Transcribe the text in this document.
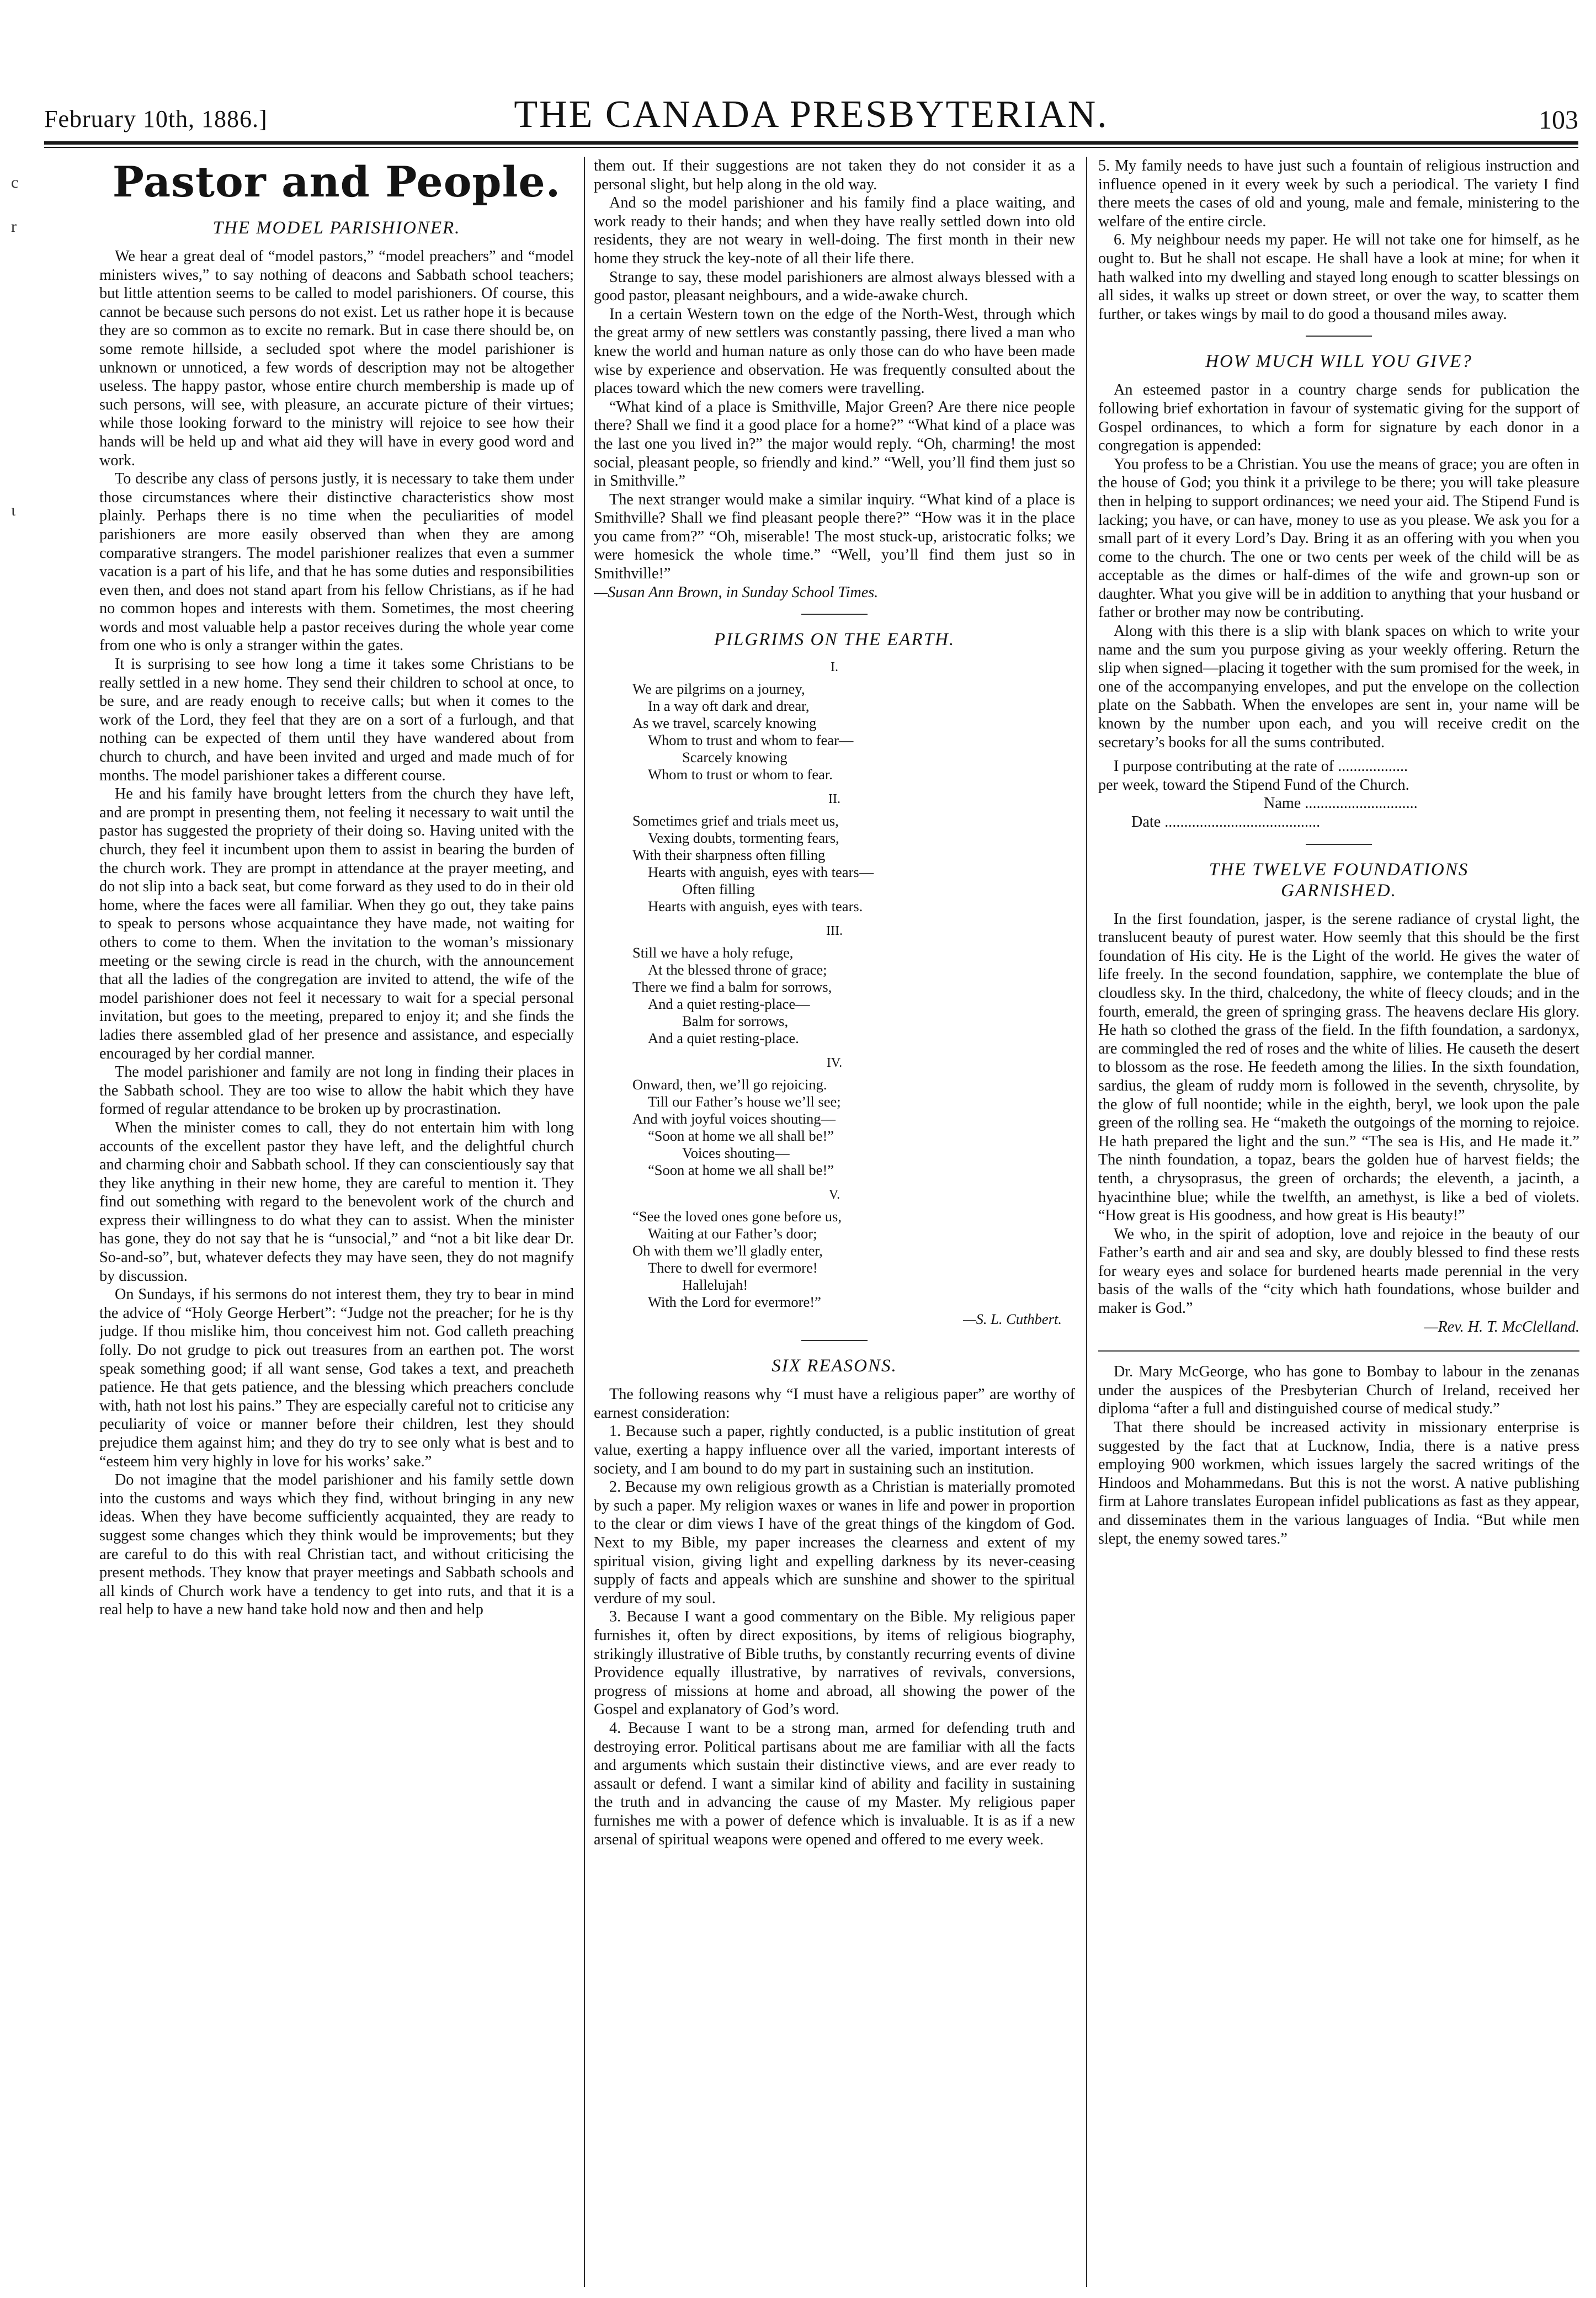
February 10th, 1886.]	THE CANADA PRESBYTERIAN.	103
c
r
ɩ
Pastor and People.
THE MODEL PARISHIONER.

We hear a great deal of “model pastors,” “model preachers” and “model ministers wives,” to say nothing of deacons and Sabbath school teachers; but little attention seems to be called to model parishioners. Of course, this cannot be because such persons do not exist. Let us rather hope it is because they are so common as to excite no remark. But in case there should be, on some remote hillside, a secluded spot where the model parishioner is unknown or unnoticed, a few words of description may not be altogether useless. The happy pastor, whose entire church membership is made up of such persons, will see, with pleasure, an accurate picture of their virtues; while those looking forward to the ministry will rejoice to see how their hands will be held up and what aid they will have in every good word and work.

To describe any class of persons justly, it is necessary to take them under those circumstances where their distinctive characteristics show most plainly. Perhaps there is no time when the peculiarities of model parishioners are more easily observed than when they are among comparative strangers. The model parishioner realizes that even a summer vacation is a part of his life, and that he has some duties and responsibilities even then, and does not stand apart from his fellow Christians, as if he had no common hopes and interests with them. Sometimes, the most cheering words and most valuable help a pastor receives during the whole year come from one who is only a stranger within the gates.

It is surprising to see how long a time it takes some Christians to be really settled in a new home. They send their children to school at once, to be sure, and are ready enough to receive calls; but when it comes to the work of the Lord, they feel that they are on a sort of a furlough, and that nothing can be expected of them until they have wandered about from church to church, and have been invited and urged and made much of for months. The model parishioner takes a different course.

He and his family have brought letters from the church they have left, and are prompt in presenting them, not feeling it necessary to wait until the pastor has suggested the propriety of their doing so. Having united with the church, they feel it incumbent upon them to assist in bearing the burden of the church work. They are prompt in attendance at the prayer meeting, and do not slip into a back seat, but come forward as they used to do in their old home, where the faces were all familiar. When they go out, they take pains to speak to persons whose acquaintance they have made, not waiting for others to come to them. When the invitation to the woman’s missionary meeting or the sewing circle is read in the church, with the announcement that all the ladies of the congregation are invited to attend, the wife of the model parishioner does not feel it necessary to wait for a special personal invitation, but goes to the meeting, prepared to enjoy it; and she finds the ladies there assembled glad of her presence and assistance, and especially encouraged by her cordial manner.

The model parishioner and family are not long in finding their places in the Sabbath school. They are too wise to allow the habit which they have formed of regular attendance to be broken up by procrastination.

When the minister comes to call, they do not entertain him with long accounts of the excellent pastor they have left, and the delightful church and charming choir and Sabbath school. If they can conscientiously say that they like anything in their new home, they are careful to mention it. They find out something with regard to the benevolent work of the church and express their willingness to do what they can to assist. When the minister has gone, they do not say that he is “unsocial,” and “not a bit like dear Dr. So-and-so”, but, whatever defects they may have seen, they do not magnify by discussion.

On Sundays, if his sermons do not interest them, they try to bear in mind the advice of “Holy George Herbert”: “Judge not the preacher; for he is thy judge. If thou mislike him, thou conceivest him not. God calleth preaching folly. Do not grudge to pick out treasures from an earthen pot. The worst speak something good; if all want sense, God takes a text, and preacheth patience. He that gets patience, and the blessing which preachers conclude with, hath not lost his pains.” They are especially careful not to criticise any peculiarity of voice or manner before their children, lest they should prejudice them against him; and they do try to see only what is best and to “esteem him very highly in love for his works’ sake.”

Do not imagine that the model parishioner and his family settle down into the customs and ways which they find, without bringing in any new ideas. When they have become sufficiently acquainted, they are ready to suggest some changes which they think would be improvements; but they are careful to do this with real Christian tact, and without criticising the present methods. They know that prayer meetings and Sabbath schools and all kinds of Church work have a tendency to get into ruts, and that it is a real help to have a new hand take hold now and then and help

them out. If their suggestions are not taken they do not consider it as a personal slight, but help along in the old way.

And so the model parishioner and his family find a place waiting, and work ready to their hands; and when they have really settled down into old residents, they are not weary in well-doing. The first month in their new home they struck the key-note of all their life there.

Strange to say, these model parishioners are almost always blessed with a good pastor, pleasant neighbours, and a wide-awake church.

In a certain Western town on the edge of the North-West, through which the great army of new settlers was constantly passing, there lived a man who knew the world and human nature as only those can do who have been made wise by experience and observation. He was frequently consulted about the places toward which the new comers were travelling.

“What kind of a place is Smithville, Major Green? Are there nice people there? Shall we find it a good place for a home?” “What kind of a place was the last one you lived in?” the major would reply. “Oh, charming! the most social, pleasant people, so friendly and kind.” “Well, you’ll find them just so in Smithville.”

The next stranger would make a similar inquiry. “What kind of a place is Smithville? Shall we find pleasant people there?” “How was it in the place you came from?” “Oh, miserable! The most stuck-up, aristocratic folks; we were homesick the whole time.” “Well, you’ll find them just so in Smithville!”

—Susan Ann Brown, in Sunday School Times.

PILGRIMS ON THE EARTH.
I.
We are pilgrims on a journey,
In a way oft dark and drear,
As we travel, scarcely knowing
Whom to trust and whom to fear—
Scarcely knowing
Whom to trust or whom to fear.
II.
Sometimes grief and trials meet us,
Vexing doubts, tormenting fears,
With their sharpness often filling
Hearts with anguish, eyes with tears—
Often filling
Hearts with anguish, eyes with tears.
III.
Still we have a holy refuge,
At the blessed throne of grace;
There we find a balm for sorrows,
And a quiet resting-place—
Balm for sorrows,
And a quiet resting-place.
IV.
Onward, then, we’ll go rejoicing.
Till our Father’s house we’ll see;
And with joyful voices shouting—
“Soon at home we all shall be!”
Voices shouting—
“Soon at home we all shall be!”
V.
“See the loved ones gone before us,
Waiting at our Father’s door;
Oh with them we’ll gladly enter,
There to dwell for evermore!
Hallelujah!
With the Lord for evermore!”
—S. L. Cuthbert.
SIX REASONS.

The following reasons why “I must have a religious paper” are worthy of earnest consideration:

1. Because such a paper, rightly conducted, is a public institution of great value, exerting a happy influence over all the varied, important interests of society, and I am bound to do my part in sustaining such an institution.

2. Because my own religious growth as a Christian is materially promoted by such a paper. My religion waxes or wanes in life and power in proportion to the clear or dim views I have of the great things of the kingdom of God. Next to my Bible, my paper increases the clearness and extent of my spiritual vision, giving light and expelling darkness by its never-ceasing supply of facts and appeals which are sunshine and shower to the spiritual verdure of my soul.

3. Because I want a good commentary on the Bible. My religious paper furnishes it, often by direct expositions, by items of religious biography, strikingly illustrative of Bible truths, by constantly recurring events of divine Providence equally illustrative, by narratives of revivals, conversions, progress of missions at home and abroad, all showing the power of the Gospel and explanatory of God’s word.

4. Because I want to be a strong man, armed for defending truth and destroying error. Political partisans about me are familiar with all the facts and arguments which sustain their distinctive views, and are ever ready to assault or defend. I want a similar kind of ability and facility in sustaining the truth and in advancing the cause of my Master. My religious paper furnishes me with a power of defence which is invaluable. It is as if a new arsenal of spiritual weapons were opened and offered to me every week.

5. My family needs to have just such a fountain of religious instruction and influence opened in it every week by such a periodical. The variety I find there meets the cases of old and young, male and female, ministering to the welfare of the entire circle.

6. My neighbour needs my paper. He will not take one for himself, as he ought to. But he shall not escape. He shall have a look at mine; for when it hath walked into my dwelling and stayed long enough to scatter blessings on all sides, it walks up street or down street, or over the way, to scatter them further, or takes wings by mail to do good a thousand miles away.

HOW MUCH WILL YOU GIVE?

An esteemed pastor in a country charge sends for publication the following brief exhortation in favour of systematic giving for the support of Gospel ordinances, to which a form for signature by each donor in a congregation is appended:

You profess to be a Christian. You use the means of grace; you are often in the house of God; you think it a privilege to be there; you will take pleasure then in helping to support ordinances; we need your aid. The Stipend Fund is lacking; you have, or can have, money to use as you please. We ask you for a small part of it every Lord’s Day. Bring it as an offering with you when you come to the church. The one or two cents per week of the child will be as acceptable as the dimes or half-dimes of the wife and grown-up son or daughter. What you give will be in addition to anything that your husband or father or brother may now be contributing.

Along with this there is a slip with blank spaces on which to write your name and the sum you purpose giving as your weekly offering. Return the slip when signed—placing it together with the sum promised for the week, in one of the accompanying envelopes, and put the envelope on the collection plate on the Sabbath. When the envelopes are sent in, your name will be known by the number upon each, and you will receive credit on the secretary’s books for all the sums contributed.

I purpose contributing at the rate of ..................
per week, toward the Stipend Fund of the Church.
Name .............................
Date ........................................
THE TWELVE FOUNDATIONS
GARNISHED.

In the first foundation, jasper, is the serene radiance of crystal light, the translucent beauty of purest water. How seemly that this should be the first foundation of His city. He is the Light of the world. He gives the water of life freely. In the second foundation, sapphire, we contemplate the blue of cloudless sky. In the third, chalcedony, the white of fleecy clouds; and in the fourth, emerald, the green of springing grass. The heavens declare His glory. He hath so clothed the grass of the field. In the fifth foundation, a sardonyx, are commingled the red of roses and the white of lilies. He causeth the desert to blossom as the rose. He feedeth among the lilies. In the sixth foundation, sardius, the gleam of ruddy morn is followed in the seventh, chrysolite, by the glow of full noontide; while in the eighth, beryl, we look upon the pale green of the rolling sea. He “maketh the outgoings of the morning to rejoice. He hath prepared the light and the sun.” “The sea is His, and He made it.” The ninth foundation, a topaz, bears the golden hue of harvest fields; the tenth, a chrysoprasus, the green of orchards; the eleventh, a jacinth, a hyacinthine blue; while the twelfth, an amethyst, is like a bed of violets. “How great is His goodness, and how great is His beauty!”

We who, in the spirit of adoption, love and rejoice in the beauty of our Father’s earth and air and sea and sky, are doubly blessed to find these rests for weary eyes and solace for burdened hearts made perennial in the very basis of the walls of the “city which hath foundations, whose builder and maker is God.”

—Rev. H. T. McClelland.

Dr. Mary McGeorge, who has gone to Bombay to labour in the zenanas under the auspices of the Presbyterian Church of Ireland, received her diploma “after a full and distinguished course of medical study.”

That there should be increased activity in missionary enterprise is suggested by the fact that at Lucknow, India, there is a native press employing 900 workmen, which issues largely the sacred writings of the Hindoos and Mohammedans. But this is not the worst. A native publishing firm at Lahore translates European infidel publications as fast as they appear, and disseminates them in the various languages of India. “But while men slept, the enemy sowed tares.”
